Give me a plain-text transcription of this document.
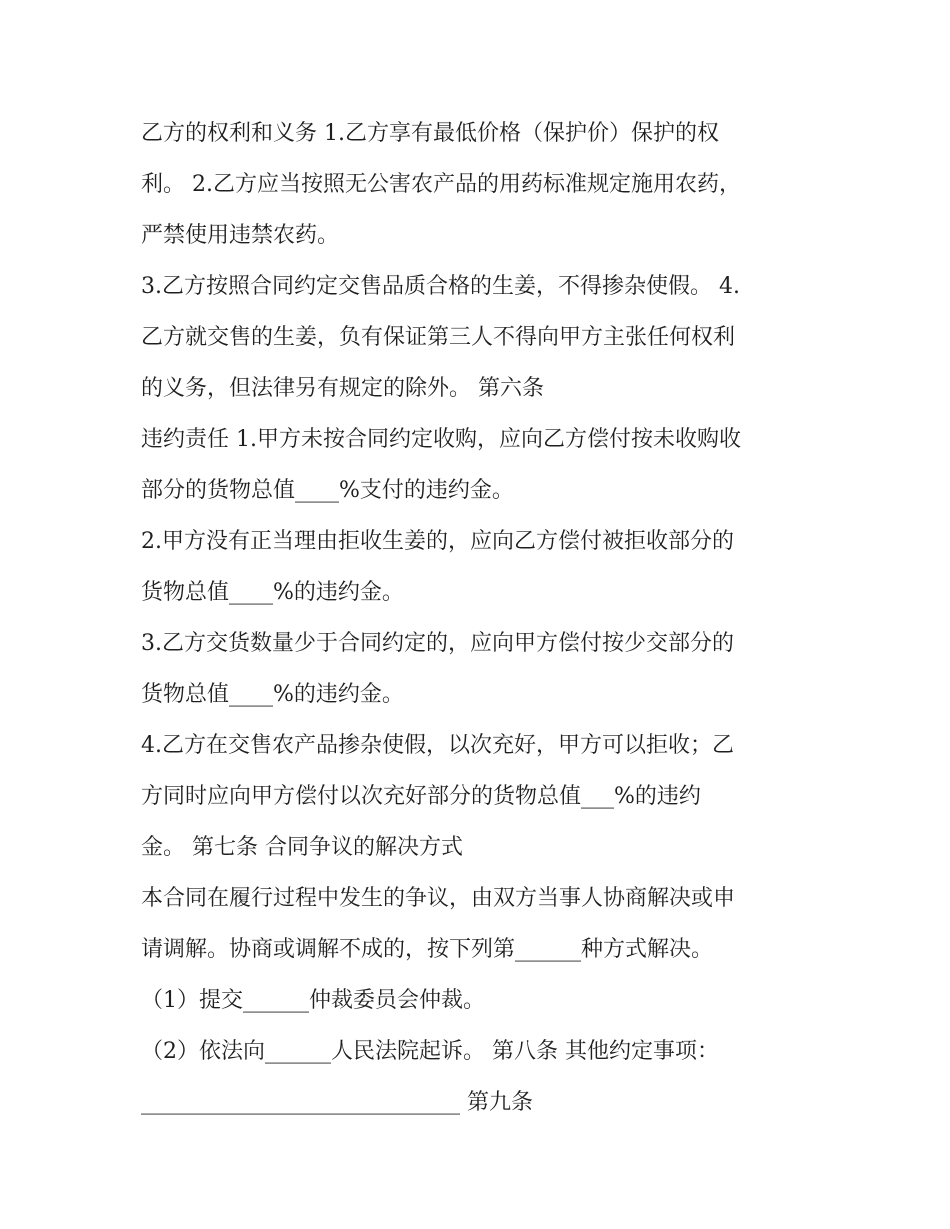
乙方的权利和义务 1.乙方享有最低价格（保护价）保护的权
利。 2.乙方应当按照无公害农产品的用药标准规定施用农药，
严禁使用违禁农药。
3.乙方按照合同约定交售品质合格的生姜，不得掺杂使假。 4.
乙方就交售的生姜，负有保证第三人不得向甲方主张任何权利
的义务，但法律另有规定的除外。 第六条
违约责任 1.甲方未按合同约定收购，应向乙方偿付按未收购收
部分的货物总值____%支付的违约金。
2.甲方没有正当理由拒收生姜的，应向乙方偿付被拒收部分的
货物总值____%的违约金。
3.乙方交货数量少于合同约定的，应向甲方偿付按少交部分的
货物总值____%的违约金。
4.乙方在交售农产品掺杂使假，以次充好，甲方可以拒收；乙
方同时应向甲方偿付以次充好部分的货物总值___%的违约
金。 第七条 合同争议的解决方式
本合同在履行过程中发生的争议，由双方当事人协商解决或申
请调解。协商或调解不成的，按下列第______种方式解决。
（1）提交______仲裁委员会仲裁。
（2）依法向______人民法院起诉。 第八条 其他约定事项：
_____________________________ 第九条
